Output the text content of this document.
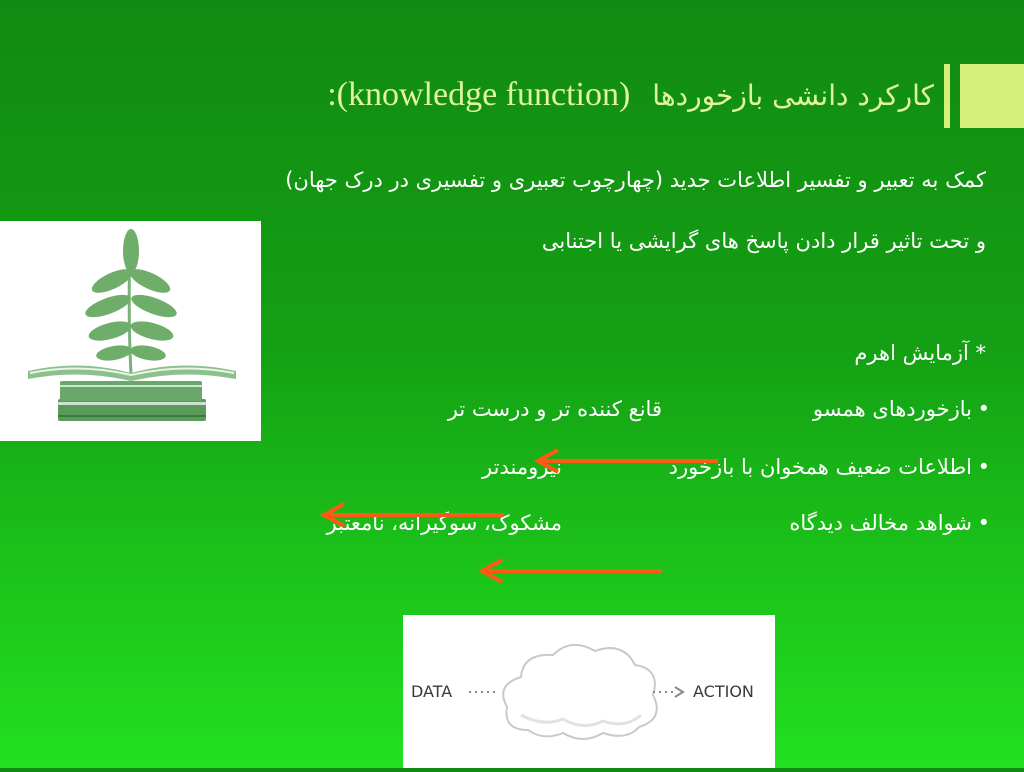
:(knowledge function) کارکرد دانشی بازخوردها
کمک به تعبیر و تفسیر اطلاعات جدید (چهارچوب تعبیری و تفسیری در درک جهان)
و تحت تاثیر قرار دادن پاسخ های گرایشی یا اجتنابی
* آزمایش اهرم
•
بازخوردهای همسو
قانع کننده تر و درست تر
•
اطلاعات ضعیف همخوان با بازخورد
نیرومندتر
•
شواهد مخالف دیدگاه
مشکوک، سوگیرانه، نامعتبر
DATA	ACTION
